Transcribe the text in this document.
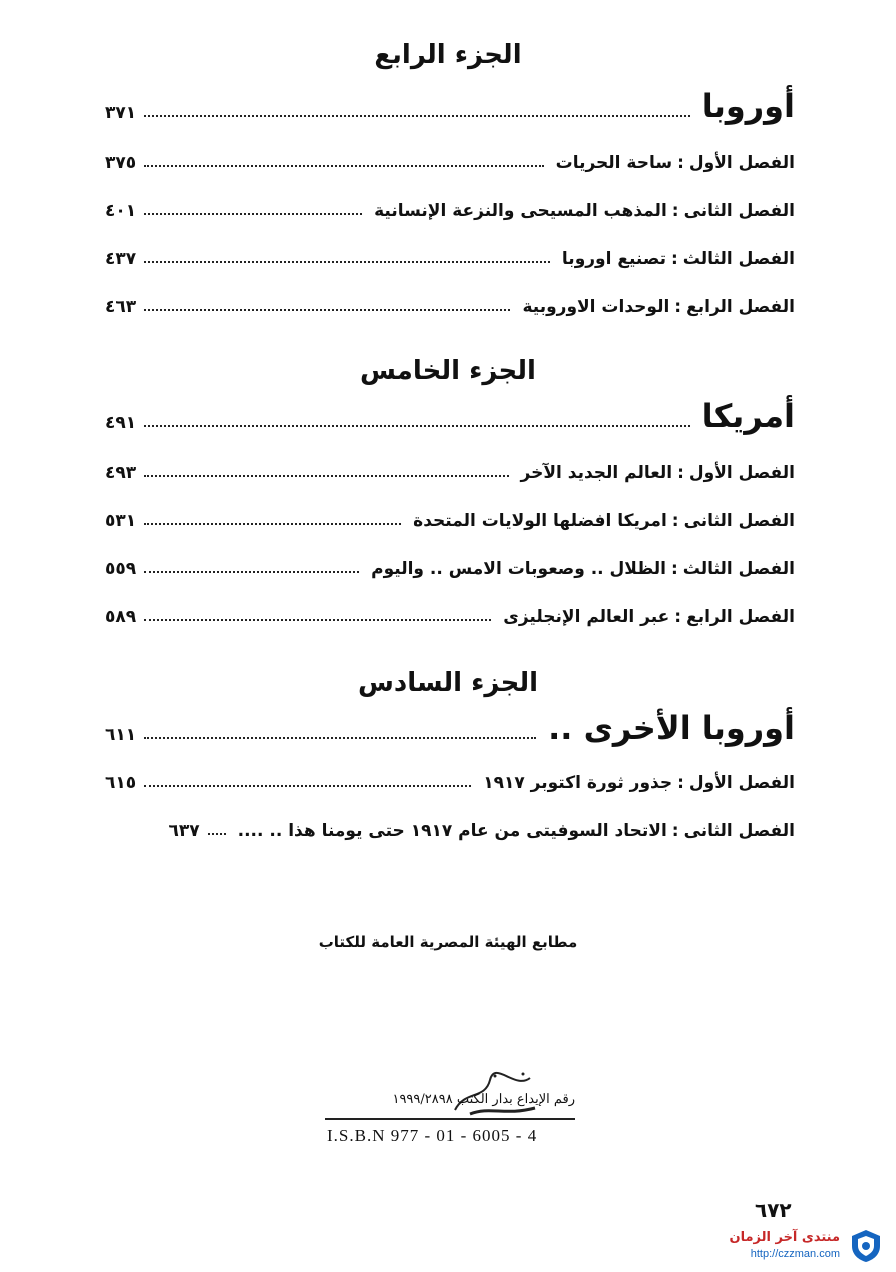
الجزء الرابع
أوروبا
٣٧١
الفصل الأول:ساحة الحريات
٣٧٥
الفصل الثانى:المذهب المسيحى والنزعة الإنسانية
٤٠١
الفصل الثالث:تصنيع اوروبا
٤٣٧
الفصل الرابع:الوحدات الاوروبية
٤٦٣
الجزء الخامس
أمريكا
٤٩١
الفصل الأول:العالم الجديد الآخر
٤٩٣
الفصل الثانى:امريكا افضلها الولايات المتحدة
٥٣١
الفصل الثالث:الظلال .. وصعوبات الامس .. واليوم
٥٥٩
الفصل الرابع:عبر العالم الإنجليزى
٥٨٩
الجزء السادس
أوروبا الأخرى ..
٦١١
الفصل الأول:جذور ثورة اكتوبر ١٩١٧
٦١٥
الفصل الثانى:الاتحاد السوفيتى من عام ١٩١٧ حتى يومنا هذا .. ....
٦٣٧
مطابع الهيئة المصرية العامة للكتاب
رقم الإيداع بدار الكتب ١٩٩٩/٢٨٩٨
I.S.B.N 977 - 01 - 6005 - 4
٦٧٢
منتدى آخر الزمان
http://czzman.com
